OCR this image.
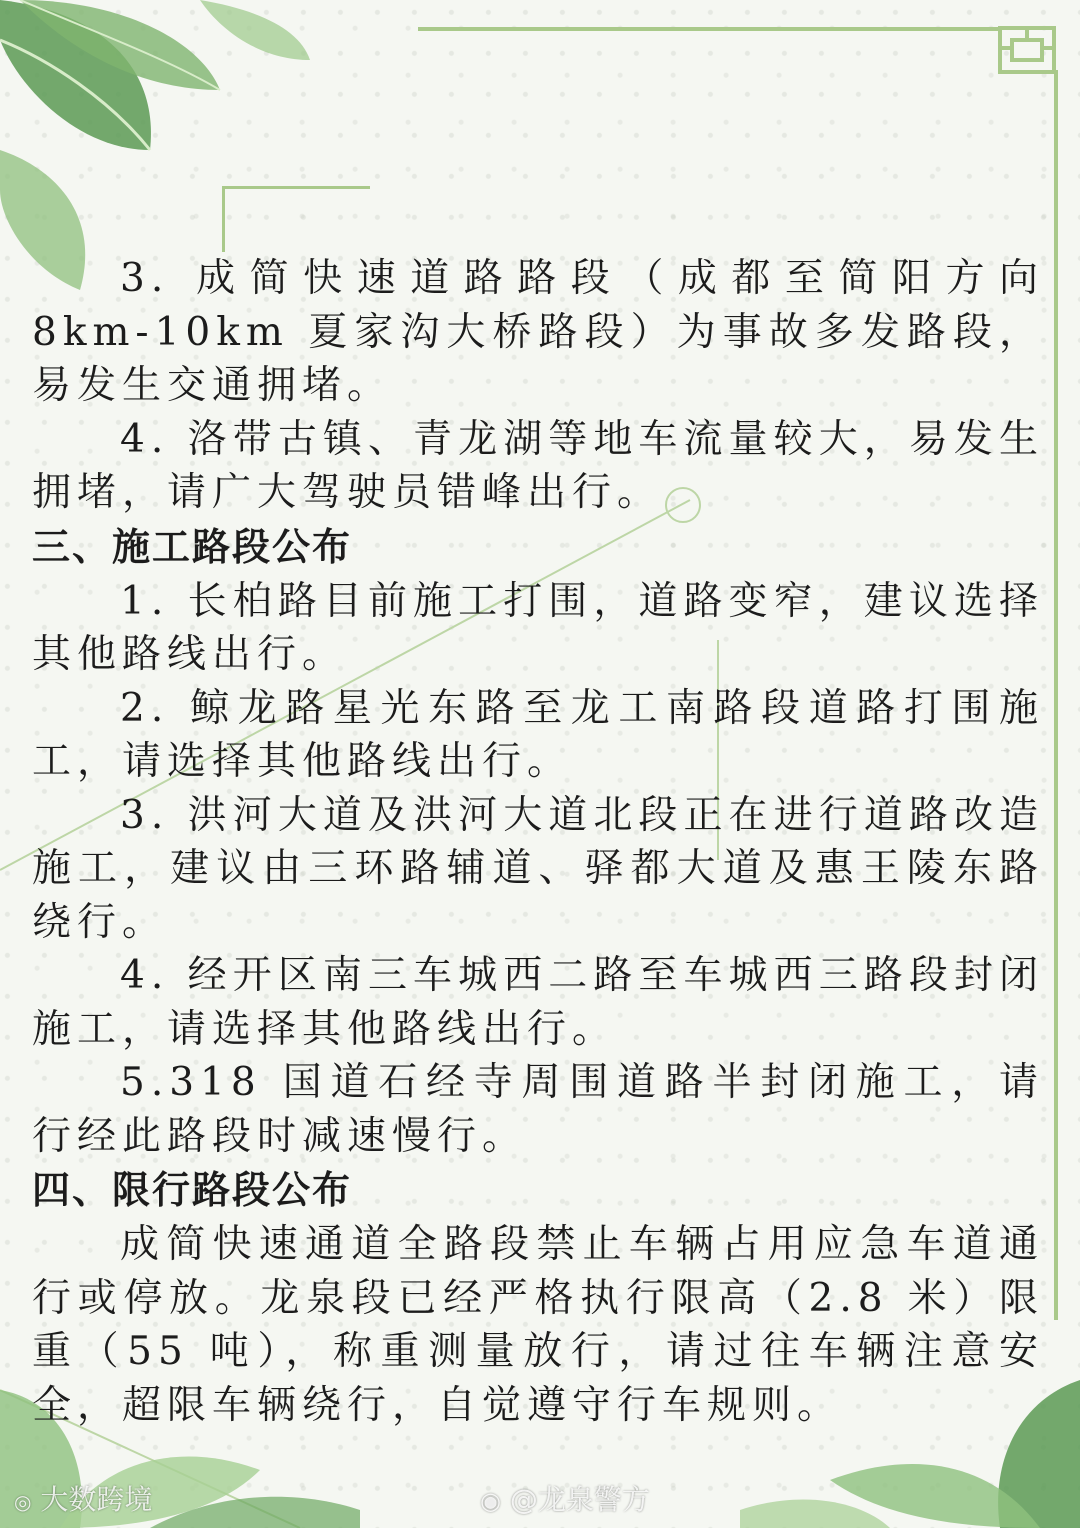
3. 成简快速道路路段（成都至简阳方向 8km-10km 夏家沟大桥路段）为事故多发路段，易发生交通拥堵。

4. 洛带古镇、青龙湖等地车流量较大，易发生拥堵，请广大驾驶员错峰出行。

三、施工路段公布

1. 长柏路目前施工打围，道路变窄，建议选择其他路线出行。

2. 鲸龙路星光东路至龙工南路段道路打围施工，请选择其他路线出行。

3. 洪河大道及洪河大道北段正在进行道路改造施工，建议由三环路辅道、驿都大道及惠王陵东路绕行。

4. 经开区南三车城西二路至车城西三路段封闭施工，请选择其他路线出行。

5.318 国道石经寺周围道路半封闭施工，请行经此路段时减速慢行。

四、限行路段公布

成简快速通道全路段禁止车辆占用应急车道通行或停放。龙泉段已经严格执行限高（2.8 米）限重（55 吨），称重测量放行，请过往车辆注意安全，超限车辆绕行，自觉遵守行车规则。

◎ 大数跨境	◉ @龙泉警方
